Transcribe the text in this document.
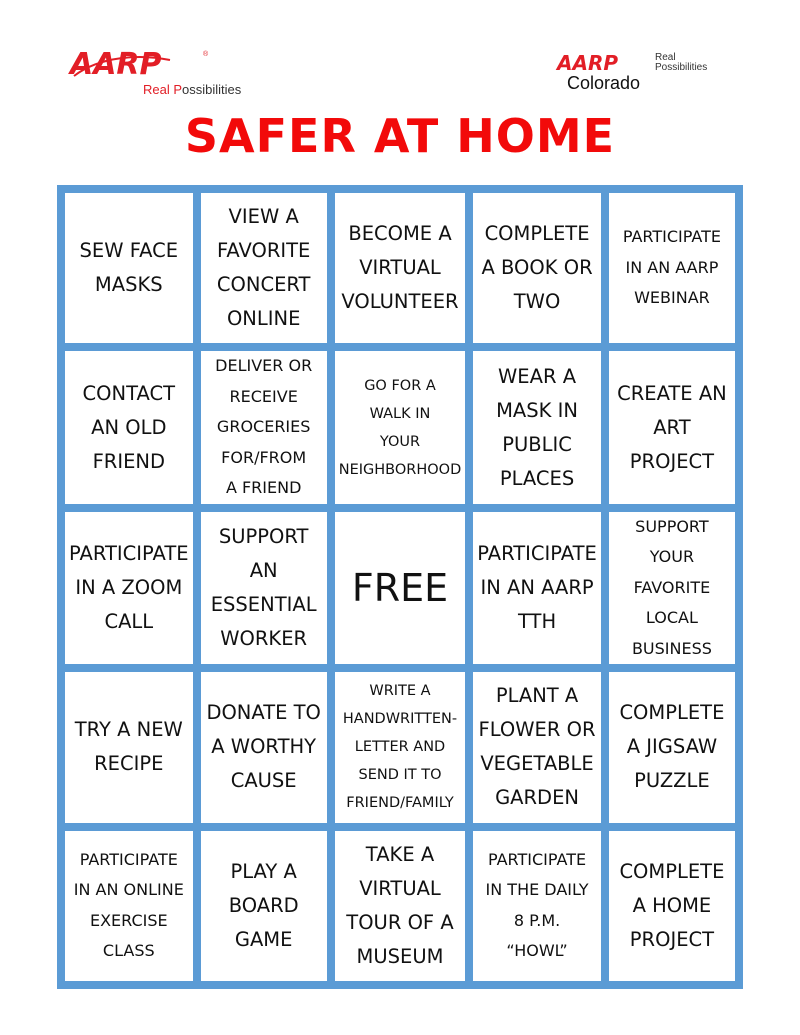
AARP	®
Real Possibilities
AARP	Real
Possibilities
Colorado
SAFER AT HOME
SEW FACE
MASKS
VIEW A
FAVORITE
CONCERT
ONLINE
BECOME A
VIRTUAL
VOLUNTEER
COMPLETE
A BOOK OR
TWO
PARTICIPATE
IN AN AARP
WEBINAR
CONTACT
AN OLD
FRIEND
DELIVER OR
RECEIVE
GROCERIES
FOR/FROM
A FRIEND
GO FOR A
WALK IN
YOUR
NEIGHBORHOOD
WEAR A
MASK IN
PUBLIC
PLACES
CREATE AN
ART
PROJECT
PARTICIPATE
IN A ZOOM
CALL
SUPPORT AN
ESSENTIAL
WORKER
FREE
PARTICIPATE
IN AN AARP
TTH
SUPPORT
YOUR
FAVORITE
LOCAL
BUSINESS
TRY A NEW
RECIPE
DONATE TO
A WORTHY
CAUSE
WRITE A
HANDWRITTEN-
LETTER AND
SEND IT TO
FRIEND/FAMILY
PLANT A
FLOWER OR
VEGETABLE
GARDEN
COMPLETE
A JIGSAW
PUZZLE
PARTICIPATE
IN AN ONLINE
EXERCISE
CLASS
PLAY A
BOARD
GAME
TAKE A
VIRTUAL
TOUR OF A
MUSEUM
PARTICIPATE
IN THE DAILY
8 P.M.
“HOWL”
COMPLETE
A HOME
PROJECT
